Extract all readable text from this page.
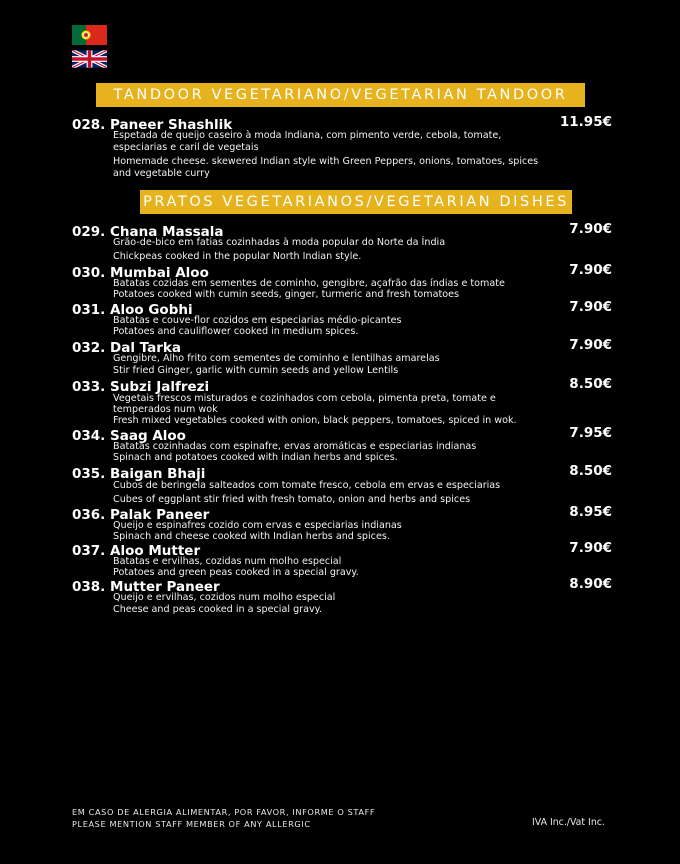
TANDOOR VEGETARIANO/VEGETARIAN TANDOOR
PRATOS VEGETARIANOS/VEGETARIAN DISHES
028. Paneer Shashlik	11.95€
Espetada de queijo caseiro à moda Indiana, com pimento verde, cebola, tomate, especiarias e caril de vegetais
Homemade cheese. skewered Indian style with Green Peppers, onions, tomatoes, spices and vegetable curry
029. Chana Massala	7.90€
Grão-de-bico em fatias cozinhadas à moda popular do Norte da Índia
Chickpeas cooked in the popular North Indian style.
030. Mumbai Aloo	7.90€
Batatas cozidas em sementes de cominho, gengibre, açafrão das índias e tomate
Potatoes cooked with cumin seeds, ginger, turmeric and fresh tomatoes
031. Aloo Gobhi	7.90€
Batatas e couve-flor cozidos em especiarias médio-picantes
Potatoes and cauliflower cooked in medium spices.
032. Dal Tarka	7.90€
Gengibre, Alho frito com sementes de cominho e lentilhas amarelas
Stir fried Ginger, garlic with cumin seeds and yellow Lentils
033. Subzi Jalfrezi	8.50€
Vegetais frescos misturados e cozinhados com cebola, pimenta preta, tomate e temperados num wok
Fresh mixed vegetables cooked with onion, black peppers, tomatoes, spiced in wok.
034. Saag Aloo	7.95€
Batatas cozinhadas com espinafre, ervas aromáticas e especiarias indianas
Spinach and potatoes cooked with indian herbs and spices.
035. Baigan Bhaji	8.50€
Cubos de beringela salteados com tomate fresco, cebola em ervas e especiarias
Cubes of eggplant stir fried with fresh tomato, onion and herbs and spices
036. Palak Paneer	8.95€
Queijo e espinafres cozido com ervas e especiarias indianas
Spinach and cheese cooked with Indian herbs and spices.
037. Aloo Mutter	7.90€
Batatas e ervilhas, cozidas num molho especial
Potatoes and green peas cooked in a special gravy.
038. Mutter Paneer	8.90€
Queijo e ervilhas, cozidos num molho especial
Cheese and peas cooked in a special gravy.
EM CASO DE ALERGIA ALIMENTAR, POR FAVOR, INFORME O STAFF
PLEASE MENTION STAFF MEMBER OF ANY ALLERGIC	IVA Inc./Vat Inc.
